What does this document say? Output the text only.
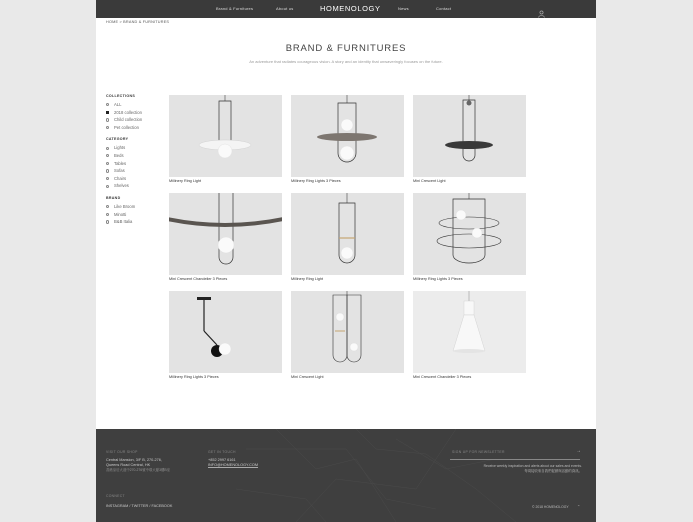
Brand & Furnitures	About us	HOMENOLOGY	News	Contact
HOME > BRAND & FURNITURES
BRAND & FURNITURES

An adventure that radiates courageous vision. A story and an identity that unwaveringly focuses on the future.

COLLECTIONS
ALL
2018 collection
Child collection
Pet collection
CATEGORY
Lights
Beds
Tables
Sofas
Chairs
Shelves
BRAND
Like Broom
Minotti
B&B Italia
Millinery Ring Light	Millinery Ring Lights 3 Pieces	Mini Crescent Light
Mini Crescent Chandelier 3 Pieces	Millinery Ring Light	Millinery Ring Lights 3 Pieces
Millinery Ring Lights 3 Pieces	Mini Crescent Light	Mini Crescent Chandelier 3 Pieces
VISIT OUR SHOP
Central Mansion, 3/F B, 270-276,
Queens Road Central, HK
香港皇后大道中270-276號中環大廈3樓B室
GET IN TOUCH
+852 2997 6161
INFO@HOMENOLOGY.COM
CONNECT
INSTAGRAM / TWITTER / FACEBOOK
SIGN UP FOR NEWSLETTER	→
Receive weekly inspiration and alerts about our sales and events.
每周接收來自我們促銷與活動的資訊。
© 2018 HOMENOLOGY ⌃
